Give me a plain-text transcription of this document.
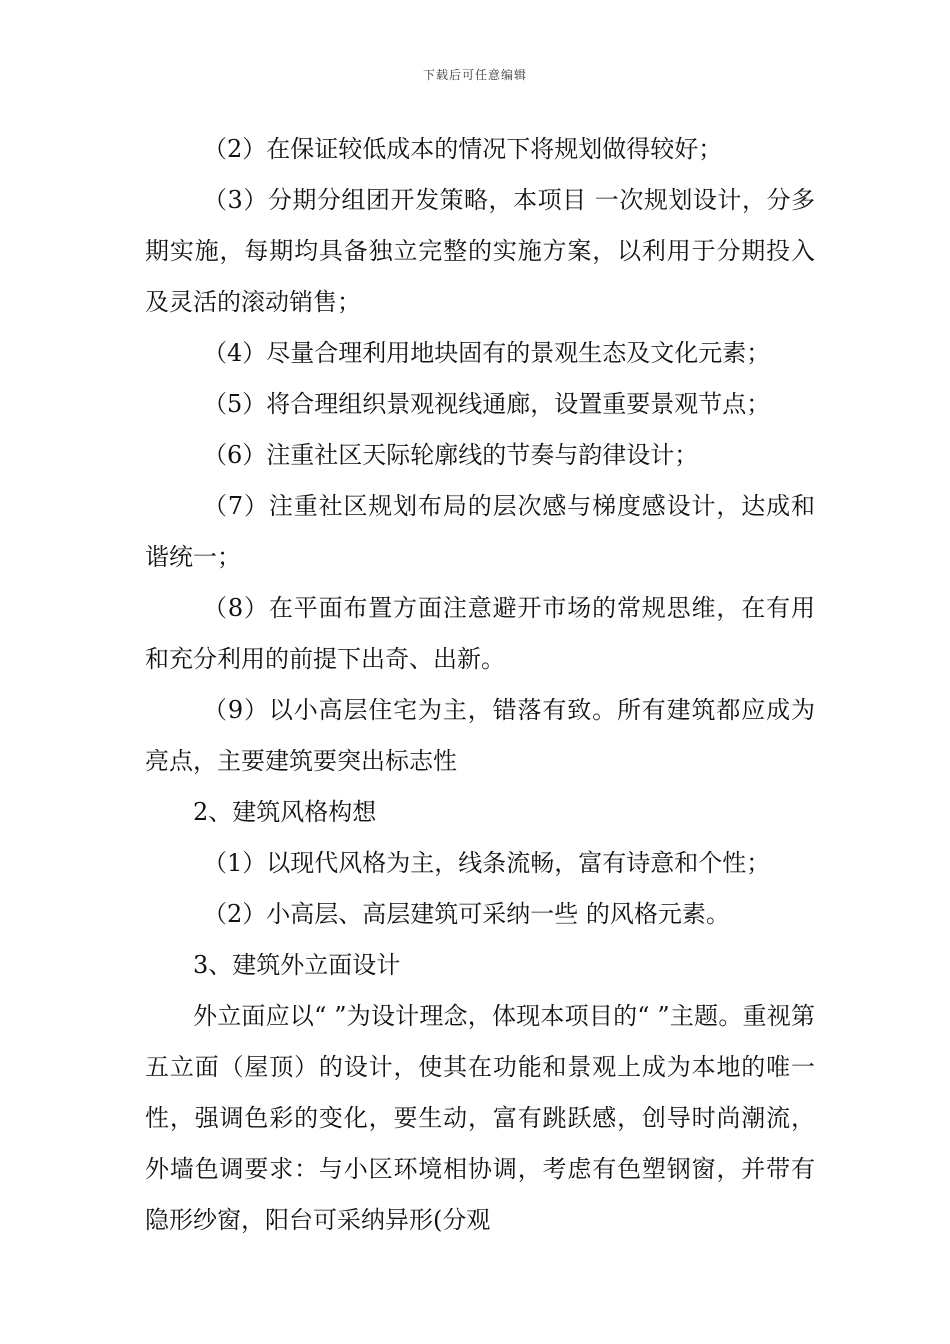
下载后可任意编辑

（2）在保证较低成本的情况下将规划做得较好；

（3）分期分组团开发策略，本项目 一次规划设计，分多期实施，每期均具备独立完整的实施方案，以利用于分期投入及灵活的滚动销售；

（4）尽量合理利用地块固有的景观生态及文化元素；

（5）将合理组织景观视线通廊，设置重要景观节点；

（6）注重社区天际轮廓线的节奏与韵律设计；

（7）注重社区规划布局的层次感与梯度感设计，达成和谐统一；

（8）在平面布置方面注意避开市场的常规思维，在有用和充分利用的前提下出奇、出新。

（9）以小高层住宅为主，错落有致。所有建筑都应成为亮点，主要建筑要突出标志性

2、建筑风格构想

（1）以现代风格为主，线条流畅，富有诗意和个性；

（2）小高层、高层建筑可采纳一些 的风格元素。

3、建筑外立面设计

外立面应以“ ”为设计理念，体现本项目的“ ”主题。重视第五立面（屋顶）的设计，使其在功能和景观上成为本地的唯一性，强调色彩的变化，要生动，富有跳跃感，创导时尚潮流，外墙色调要求：与小区环境相协调，考虑有色塑钢窗，并带有隐形纱窗，阳台可采纳异形(分观
